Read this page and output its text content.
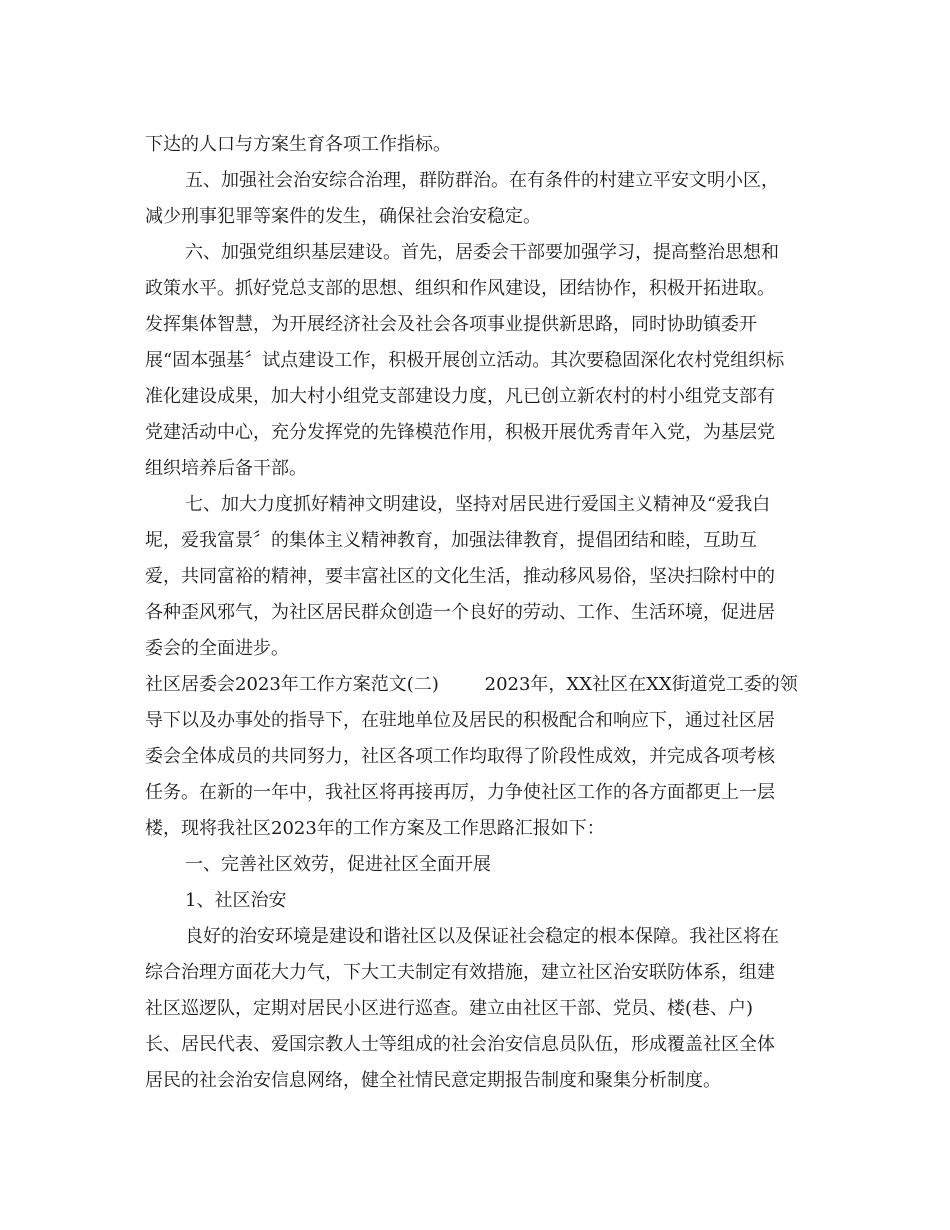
下达的人口与方案生育各项工作指标。
五、加强社会治安综合治理，群防群治。在有条件的村建立平安文明小区，
减少刑事犯罪等案件的发生，确保社会治安稳定。
六、加强党组织基层建设。首先，居委会干部要加强学习，提高整治思想和
政策水平。抓好党总支部的思想、组织和作风建设，团结协作，积极开拓进取。
发挥集体智慧，为开展经济社会及社会各项事业提供新思路，同时协助镇委开
展“固本强基〞试点建设工作，积极开展创立活动。其次要稳固深化农村党组织标
准化建设成果，加大村小组党支部建设力度，凡已创立新农村的村小组党支部有
党建活动中心，充分发挥党的先锋模范作用，积极开展优秀青年入党，为基层党
组织培养后备干部。
七、加大力度抓好精神文明建设，坚持对居民进行爱国主义精神及“爱我白
坭，爱我富景〞的集体主义精神教育，加强法律教育，提倡团结和睦，互助互
爱，共同富裕的精神，要丰富社区的文化生活，推动移风易俗，坚决扫除村中的
各种歪风邪气，为社区居民群众创造一个良好的劳动、工作、生活环境，促进居
委会的全面进步。
社区居委会2023年工作方案范文(二)        2023年，XX社区在XX街道党工委的领
导下以及办事处的指导下，在驻地单位及居民的积极配合和响应下，通过社区居
委会全体成员的共同努力，社区各项工作均取得了阶段性成效，并完成各项考核
任务。在新的一年中，我社区将再接再厉，力争使社区工作的各方面都更上一层
楼，现将我社区2023年的工作方案及工作思路汇报如下：
一、完善社区效劳，促进社区全面开展
1、社区治安
良好的治安环境是建设和谐社区以及保证社会稳定的根本保障。我社区将在
综合治理方面花大力气，下大工夫制定有效措施，建立社区治安联防体系，组建
社区巡逻队，定期对居民小区进行巡查。建立由社区干部、党员、楼(巷、户)
长、居民代表、爱国宗教人士等组成的社会治安信息员队伍，形成覆盖社区全体
居民的社会治安信息网络，健全社情民意定期报告制度和聚集分析制度。
